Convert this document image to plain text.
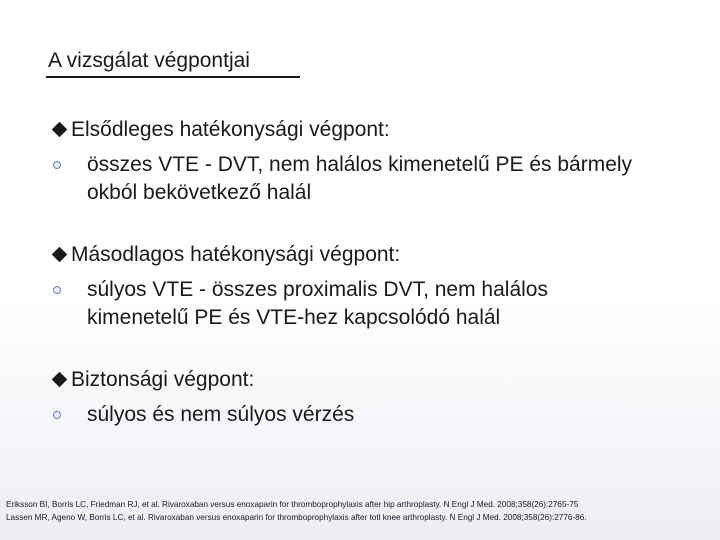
A vizsgálat végpontjai
Elsődleges hatékonysági végpont:
összes VTE - DVT, nem halálos kimenetelű PE és bármely okból bekövetkező halál
Másodlagos hatékonysági végpont:
súlyos VTE - összes proximalis DVT, nem halálos kimenetelű PE és VTE-hez kapcsolódó halál
Biztonsági végpont:
súlyos és nem súlyos vérzés
Eriksson BI, Borris LC, Friedman RJ, et al. Rivaroxaban versus enoxaparin for thromboprophylaxis after hip arthroplasty. N Engl J Med. 2008;358(26):2765-75
Lassen MR, Ageno W, Borris LC, et al. Rivaroxaban versus enoxaparin for thromboprophylaxis after totl knee arthroplasty. N Engl J Med. 2008;358(26):2776-86.
